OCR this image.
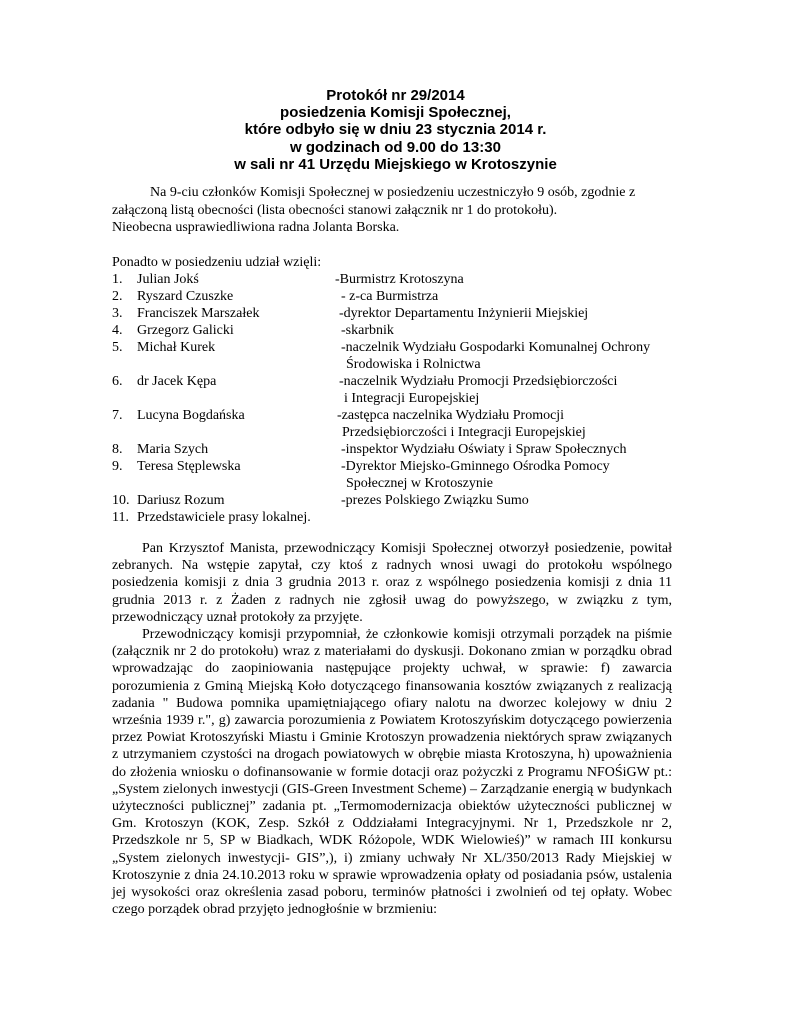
Protokół nr 29/2014
posiedzenia Komisji Społecznej,
które odbyło się w dniu 23 stycznia 2014 r.
w godzinach od 9.00 do 13:30
w sali nr 41 Urzędu Miejskiego w Krotoszynie

Na 9-ciu członków Komisji Społecznej w posiedzeniu uczestniczyło 9 osób, zgodnie z

załączoną listą obecności (lista obecności stanowi załącznik nr 1 do protokołu).

Nieobecna usprawiedliwiona radna Jolanta Borska.

Ponadto w posiedzeniu udział wzięli:
1. Julian Jokś	-Burmistrz Krotoszyna
2. Ryszard Czuszke	- z-ca Burmistrza
3. Franciszek Marszałek	-dyrektor Departamentu Inżynierii Miejskiej
4. Grzegorz Galicki	-skarbnik
5. Michał Kurek	-naczelnik Wydziału Gospodarki Komunalnej Ochrony
Środowiska i Rolnictwa
6. dr Jacek Kępa	-naczelnik Wydziału Promocji Przedsiębiorczości
i Integracji Europejskiej
7. Lucyna Bogdańska	-zastępca naczelnika Wydziału Promocji
Przedsiębiorczości i Integracji Europejskiej
8. Maria Szych	-inspektor Wydziału Oświaty i Spraw Społecznych
9. Teresa Stęplewska	-Dyrektor Miejsko-Gminnego Ośrodka Pomocy
Społecznej w Krotoszynie
10. Dariusz Rozum	-prezes Polskiego Związku Sumo
11. Przedstawiciele prasy lokalnej.

Pan Krzysztof Manista, przewodniczący Komisji Społecznej otworzył posiedzenie, powitał zebranych. Na wstępie zapytał, czy ktoś z radnych wnosi uwagi do protokołu wspólnego posiedzenia komisji z dnia 3 grudnia 2013 r. oraz z wspólnego posiedzenia komisji z dnia 11 grudnia 2013 r. z Żaden z radnych nie zgłosił uwag do powyższego, w związku z tym, przewodniczący uznał protokoły za przyjęte.

Przewodniczący komisji przypomniał, że członkowie komisji otrzymali porządek na piśmie (załącznik nr 2 do protokołu) wraz z materiałami do dyskusji. Dokonano zmian w porządku obrad wprowadzając do zaopiniowania następujące projekty uchwał, w sprawie: f) zawarcia porozumienia z Gminą Miejską Koło dotyczącego finansowania kosztów związanych z realizacją zadania " Budowa pomnika upamiętniającego ofiary nalotu na dworzec kolejowy w dniu 2 września 1939 r.", g) zawarcia porozumienia z Powiatem Krotoszyńskim dotyczącego powierzenia przez Powiat Krotoszyński Miastu i Gminie Krotoszyn prowadzenia niektórych spraw związanych z utrzymaniem czystości na drogach powiatowych w obrębie miasta Krotoszyna, h) upoważnienia do złożenia wniosku o dofinansowanie w formie dotacji oraz pożyczki z Programu NFOŚiGW pt.: „System zielonych inwestycji (GIS-Green Investment Scheme) – Zarządzanie energią w budynkach użyteczności publicznej” zadania pt. „Termomodernizacja obiektów użyteczności publicznej w Gm. Krotoszyn (KOK, Zesp. Szkół z Oddziałami Integracyjnymi. Nr 1, Przedszkole nr 2, Przedszkole nr 5, SP w Biadkach, WDK Różopole, WDK Wielowieś)” w ramach III konkursu „System zielonych inwestycji- GIS”,), i) zmiany uchwały Nr XL/350/2013 Rady Miejskiej w Krotoszynie z dnia 24.10.2013 roku w sprawie wprowadzenia opłaty od posiadania psów, ustalenia jej wysokości oraz określenia zasad poboru, terminów płatności i zwolnień od tej opłaty. Wobec czego porządek obrad przyjęto jednogłośnie w brzmieniu:
